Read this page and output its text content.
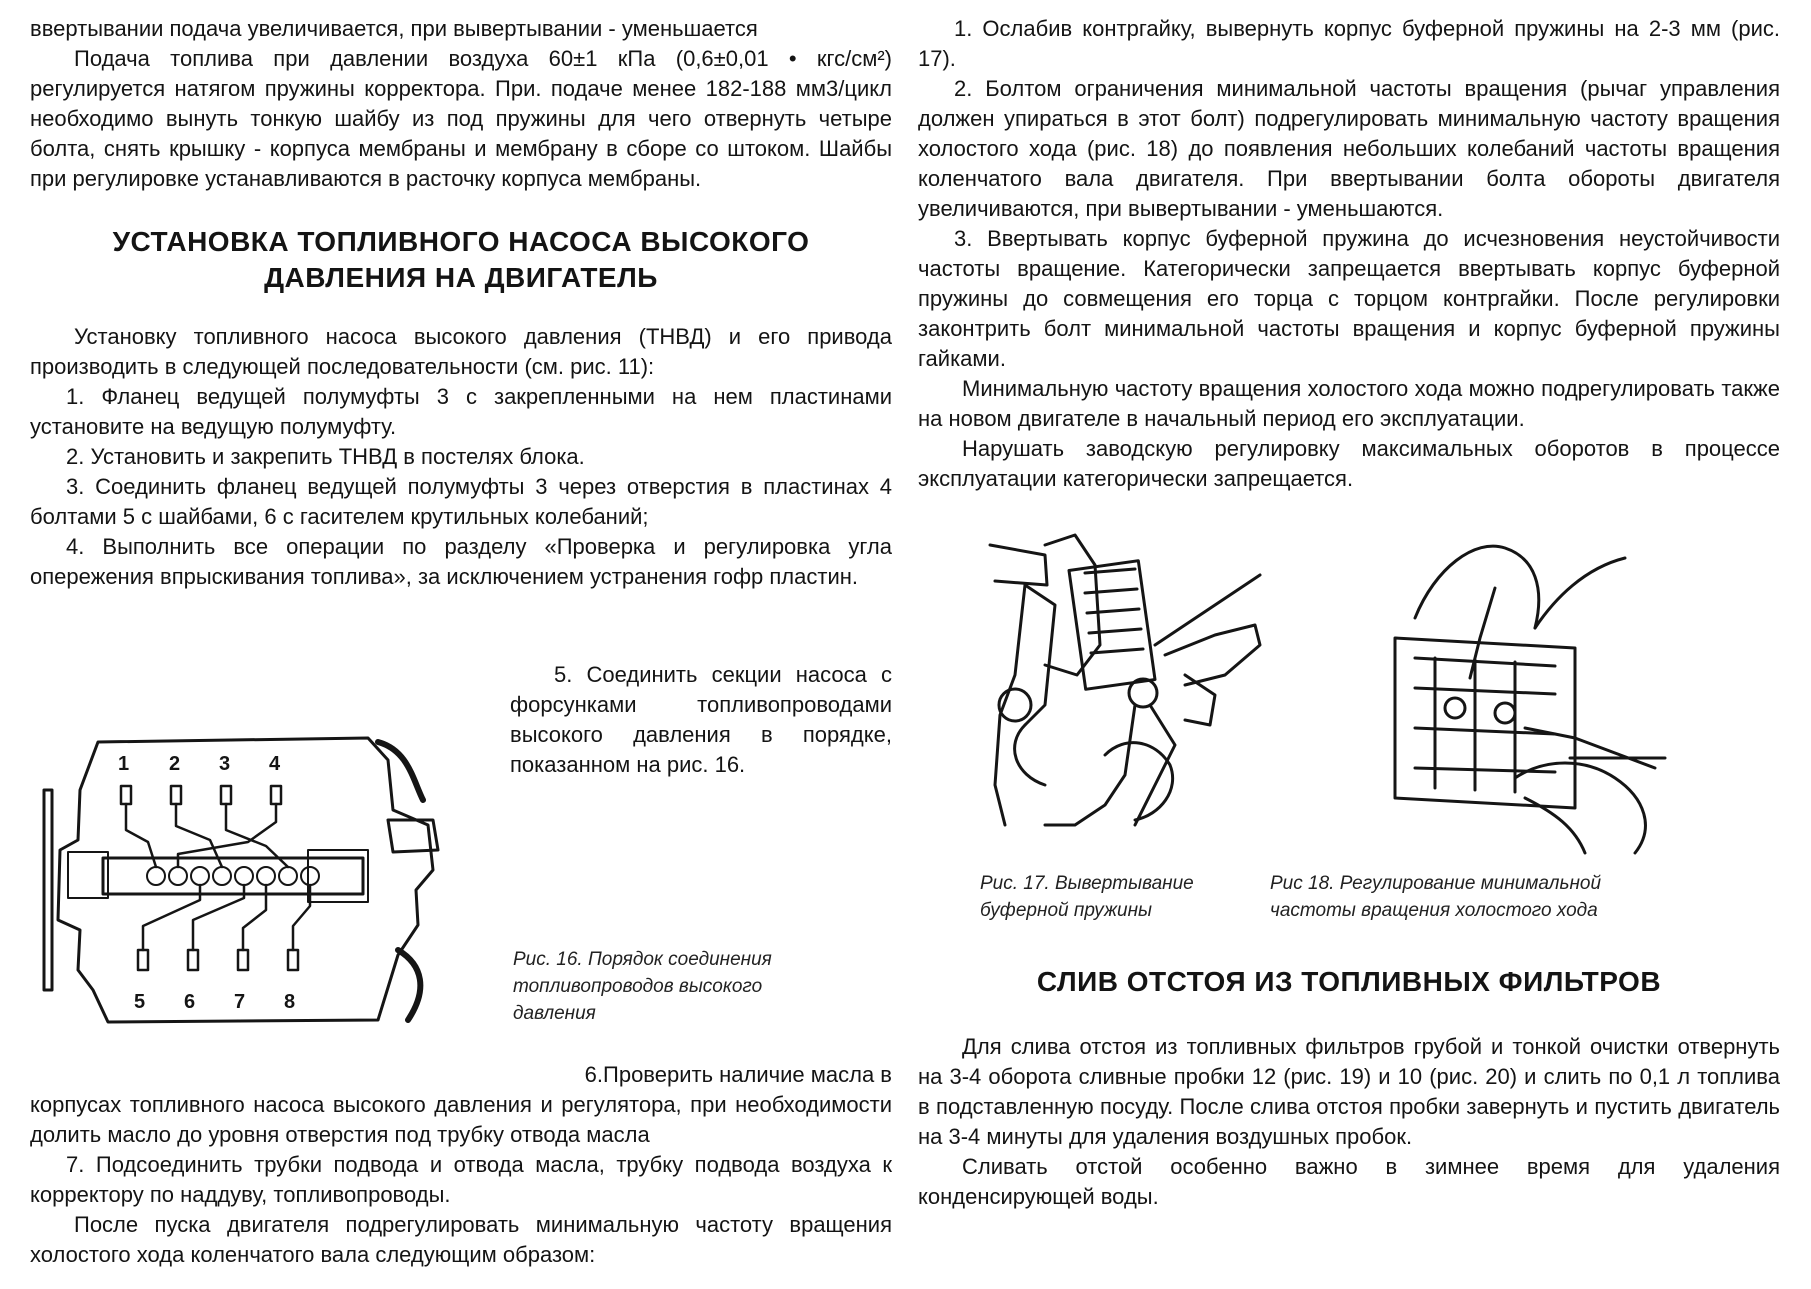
ввертывании подача увеличивается, при вывертывании - уменьшается

Подача топлива при давлении воздуха 60±1 кПа (0,6±0,01 • кгс/см²) регулируется натягом пружины корректора. При. подаче менее 182-188 мм3/цикл необходимо вынуть тонкую шайбу из под пружины для чего отвернуть четыре болта, снять крышку - корпуса мембраны и мембрану в сборе со штоком. Шайбы при регулировке устанавливаются в расточку корпуса мембраны.

УСТАНОВКА ТОПЛИВНОГО НАСОСА ВЫСОКОГО ДАВЛЕНИЯ НА ДВИГАТЕЛЬ

Установку топливного насоса высокого давления (ТНВД) и его привода производить в следующей последовательности (см. рис. 11):

1. Фланец ведущей полумуфты 3 с закрепленными на нем пластинами установите на ведущую полумуфту.

2. Установить и закрепить ТНВД в постелях блока.

3. Соединить фланец ведущей полумуфты 3 через отверстия в пластинах 4 болтами 5 с шайбами, 6 с гасителем крутильных колебаний;

4. Выполнить все операции по разделу «Проверка и регулировка угла опережения впрыскивания топлива», за исключением устранения гофр пластин.

5. Соединить секции насоса с форсунками топливопроводами высокого давления в порядке, показанном на рис. 16.

1 2 3 4
5 6 7 8
Рис. 16. Порядок соединения топливопроводов высокого давления

6.Проверить наличие масла в

корпусах топливного насоса высокого давления и регулятора, при необходимости долить масло до уровня отверстия под трубку отвода масла

7. Подсоединить трубки подвода и отвода масла, трубку подвода воздуха к корректору по наддуву, топливопроводы.

После пуска двигателя подрегулировать минимальную частоту вращения холостого хода коленчатого вала следующим образом:

1. Ослабив контргайку, вывернуть корпус буферной пружины на 2-3 мм (рис. 17).

2. Болтом ограничения минимальной частоты вращения (рычаг управления должен упираться в этот болт) подрегулировать минимальную частоту вращения холостого хода (рис. 18) до появления небольших колебаний частоты вращения коленчатого вала двигателя. При ввертывании болта обороты двигателя увеличиваются, при вывертывании - уменьшаются.

3. Ввертывать корпус буферной пружина до исчезновения неустойчивости частоты вращение. Категорически запрещается ввертывать корпус буферной пружины до совмещения его торца с торцом контргайки. После регулировки законтрить болт минимальной частоты вращения и корпус буферной пружины гайками.

Минимальную частоту вращения холостого хода можно подрегулировать также на новом двигателе в начальный период его эксплуатации.

Нарушать заводскую регулировку максимальных оборотов в процессе эксплуатации категорически запрещается.

Рис. 17. Вывертывание буферной пружины
Рис 18. Регулирование минимальной частоты вращения холостого хода
СЛИВ ОТСТОЯ ИЗ ТОПЛИВНЫХ ФИЛЬТРОВ

Для слива отстоя из топливных фильтров грубой и тонкой очистки отвернуть на 3-4 оборота сливные пробки 12 (рис. 19) и 10 (рис. 20) и слить по 0,1 л топлива в подставленную посуду. После слива отстоя пробки завернуть и пустить двигатель на 3-4 минуты для удаления воздушных пробок.

Сливать отстой особенно важно в зимнее время для удаления конденсирующей воды.
